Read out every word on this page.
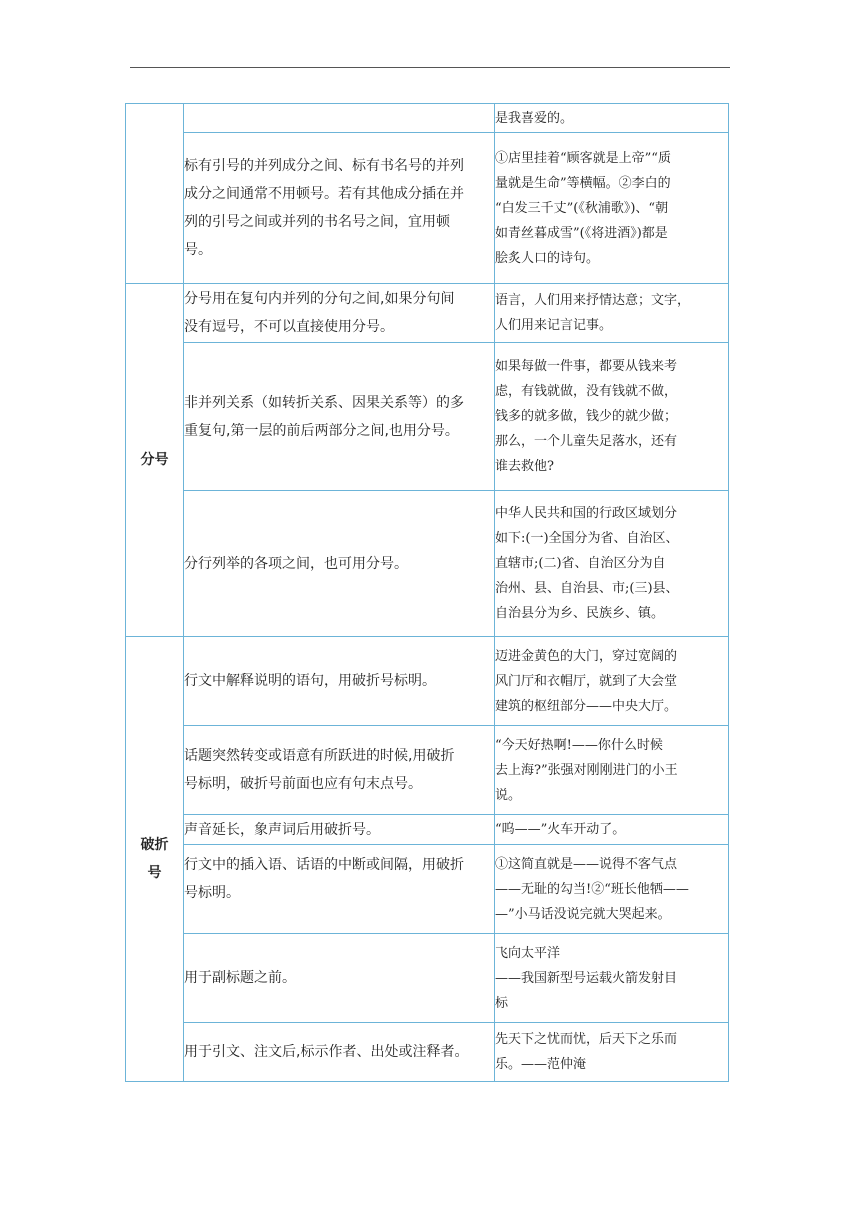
		是我喜爱的。

	标有引号的并列成分之间、标有书名号的并列
成分之间通常不用顿号。若有其他成分插在并
列的引号之间或并列的书名号之间，宜用顿
号。	①店里挂着“顾客就是上帝”“质
量就是生命”等横幅。②李白的
“白发三千丈”(《秋浦歌》)、“朝
如青丝暮成雪”(《将进酒》)都是
脍炙人口的诗句。

分号	分号用在复句内并列的分句之间,如果分句间
没有逗号，不可以直接使用分号。	语言，人们用来抒情达意；文字，
人们用来记言记事。

	非并列关系（如转折关系、因果关系等）的多
重复句,第一层的前后两部分之间,也用分号。	如果每做一件事，都要从钱来考
虑，有钱就做，没有钱就不做，
钱多的就多做，钱少的就少做；
那么，一个儿童失足落水，还有
谁去救他?

	分行列举的各项之间，也可用分号。	中华人民共和国的行政区域划分
如下:(一)全国分为省、自治区、
直辖市;(二)省、自治区分为自
治州、县、自治县、市;(三)县、
自治县分为乡、民族乡、镇。

破折
号	行文中解释说明的语句，用破折号标明。	迈进金黄色的大门，穿过宽阔的
风门厅和衣帽厅，就到了大会堂
建筑的枢纽部分——中央大厅。

	话题突然转变或语意有所跃进的时候,用破折
号标明，破折号前面也应有句末点号。	“今天好热啊!——你什么时候
去上海?”张强对刚刚进门的小王
说。

	声音延长，象声词后用破折号。	“呜——”火车开动了。

	行文中的插入语、话语的中断或间隔，用破折
号标明。	①这简直就是——说得不客气点
——无耻的勾当!②“班长他牺——
—”小马话没说完就大哭起来。

	用于副标题之前。	飞向太平洋
——我国新型号运载火箭发射目
标

	用于引文、注文后,标示作者、出处或注释者。	先天下之忧而忧，后天下之乐而
乐。——范仲淹
